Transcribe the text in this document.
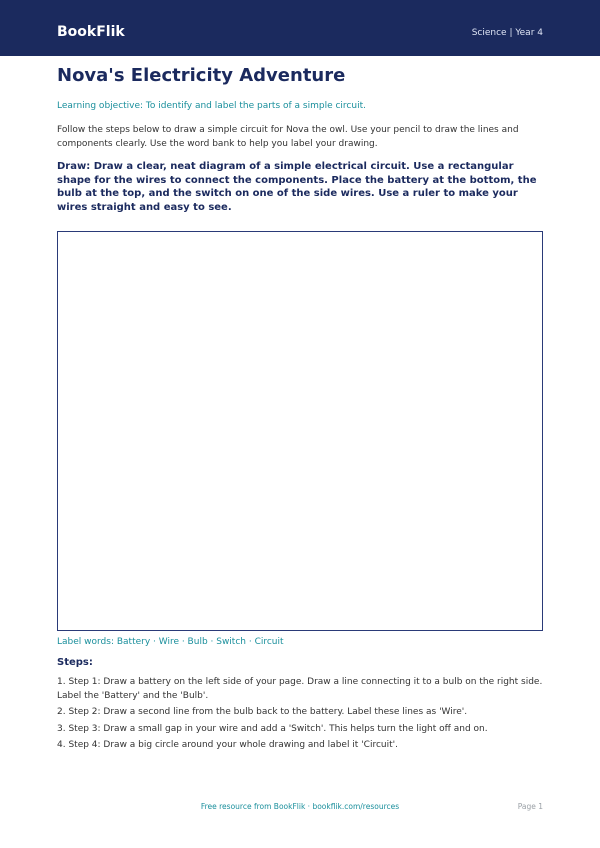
BookFlik	Science | Year 4
Nova's Electricity Adventure

Learning objective: To identify and label the parts of a simple circuit.

Follow the steps below to draw a simple circuit for Nova the owl. Use your pencil to draw the lines and components clearly. Use the word bank to help you label your drawing.

Draw: Draw a clear, neat diagram of a simple electrical circuit. Use a rectangular shape for the wires to connect the components. Place the battery at the bottom, the bulb at the top, and the switch on one of the side wires. Use a ruler to make your wires straight and easy to see.

Label words: Battery · Wire · Bulb · Switch · Circuit

Steps:

1. Step 1: Draw a battery on the left side of your page. Draw a line connecting it to a bulb on the right side. Label the 'Battery' and the 'Bulb'.
2. Step 2: Draw a second line from the bulb back to the battery. Label these lines as 'Wire'.
3. Step 3: Draw a small gap in your wire and add a 'Switch'. This helps turn the light off and on.
4. Step 4: Draw a big circle around your whole drawing and label it 'Circuit'.
Free resource from BookFlik · bookflik.com/resources	Page 1
